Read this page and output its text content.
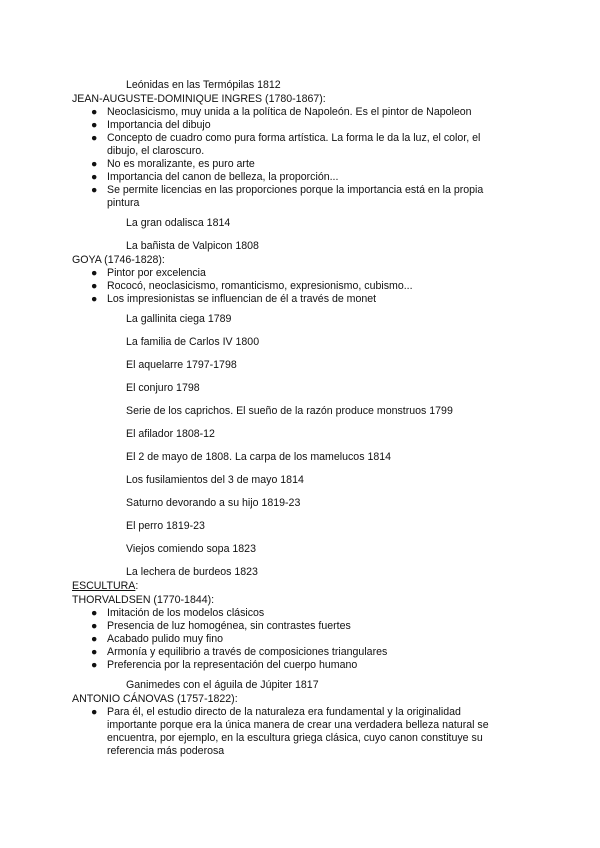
Leónidas en las Termópilas 1812
JEAN-AUGUSTE-DOMINIQUE INGRES (1780-1867):
● Neoclasicismo, muy unida a la política de Napoleón. Es el pintor de Napoleon
● Importancia del dibujo
● Concepto de cuadro como pura forma artística. La forma le da la luz, el color, el dibujo, el claroscuro.
● No es moralizante, es puro arte
● Importancia del canon de belleza, la proporción...
● Se permite licencias en las proporciones porque la importancia está en la propia pintura
La gran odalisca 1814
La bañista de Valpicon 1808
GOYA (1746-1828):
● Pintor por excelencia
● Rococó, neoclasicismo, romanticismo, expresionismo, cubismo...
● Los impresionistas se influencian de él a través de monet
La gallinita ciega 1789
La familia de Carlos IV 1800
El aquelarre 1797-1798
El conjuro 1798
Serie de los caprichos. El sueño de la razón produce monstruos 1799
El afilador 1808-12
El 2 de mayo de 1808. La carpa de los mamelucos 1814
Los fusilamientos del 3 de mayo 1814
Saturno devorando a su hijo 1819-23
El perro 1819-23
Viejos comiendo sopa 1823
La lechera de burdeos 1823
ESCULTURA:
THORVALDSEN (1770-1844):
● Imitación de los modelos clásicos
● Presencia de luz homogénea, sin contrastes fuertes
● Acabado pulido muy fino
● Armonía y equilibrio a través de composiciones triangulares
● Preferencia por la representación del cuerpo humano
Ganimedes con el águila de Júpiter 1817
ANTONIO CÁNOVAS (1757-1822):
● Para él, el estudio directo de la naturaleza era fundamental y la originalidad importante porque era la única manera de crear una verdadera belleza natural se encuentra, por ejemplo, en la escultura griega clásica, cuyo canon constituye su referencia más poderosa
